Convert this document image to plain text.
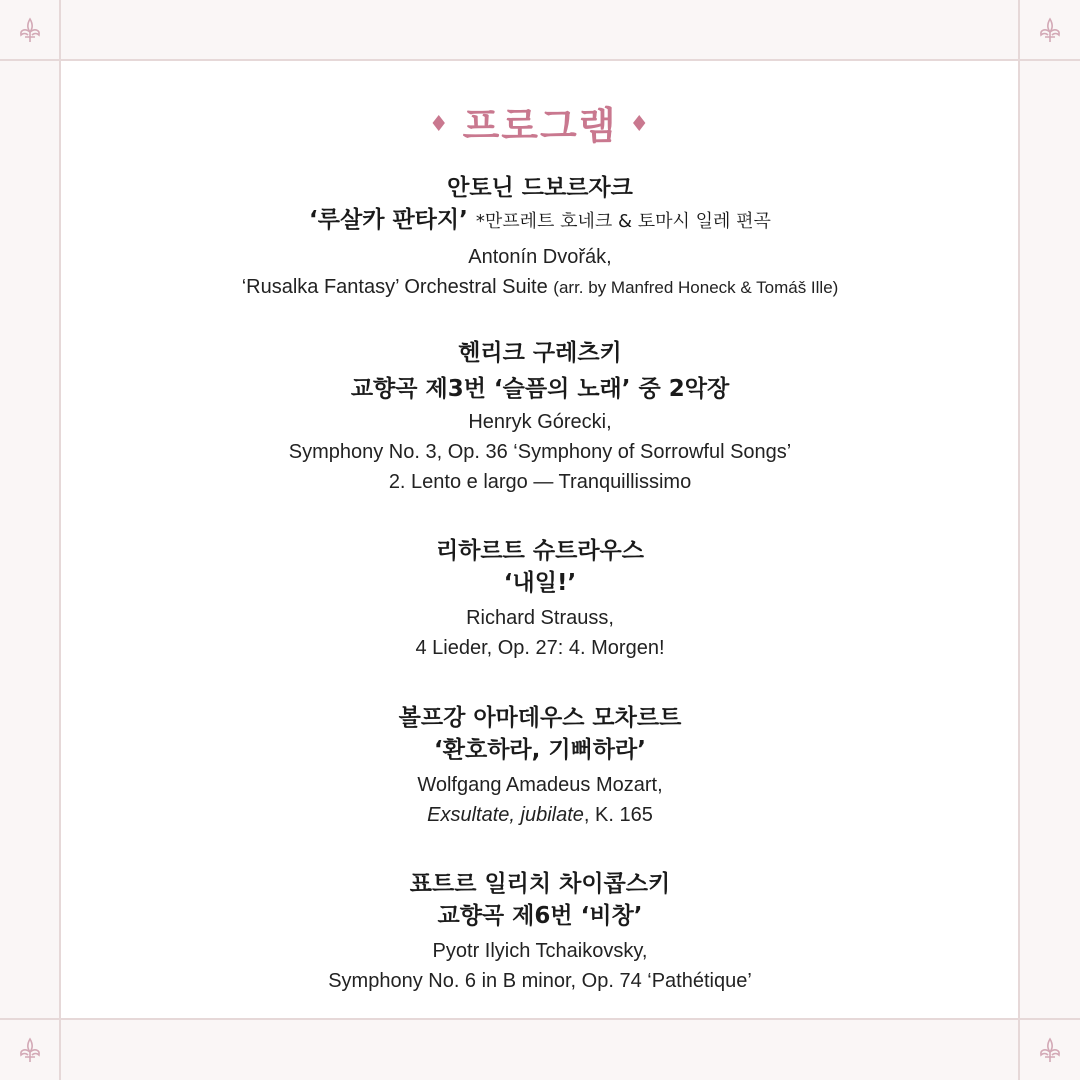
♦ 프로그램 ♦
안토닌 드보르자크
‘루살카 판타지’ *만프레트 호네크 & 토마시 일레 편곡
Antonín Dvořák,
‘Rusalka Fantasy’ Orchestral Suite (arr. by Manfred Honeck & Tomáš Ille)
헨리크 구레츠키
교향곡 제3번 ‘슬픔의 노래’ 중 2악장
Henryk Górecki,
Symphony No. 3, Op. 36 ‘Symphony of Sorrowful Songs’
2. Lento e largo — Tranquillissimo
리하르트 슈트라우스
‘내일!’
Richard Strauss,
4 Lieder, Op. 27: 4. Morgen!
볼프강 아마데우스 모차르트
‘환호하라, 기뻐하라’
Wolfgang Amadeus Mozart,
Exsultate, jubilate, K. 165
표트르 일리치 차이콥스키
교향곡 제6번 ‘비창’
Pyotr Ilyich Tchaikovsky,
Symphony No. 6 in B minor, Op. 74 ‘Pathétique’
